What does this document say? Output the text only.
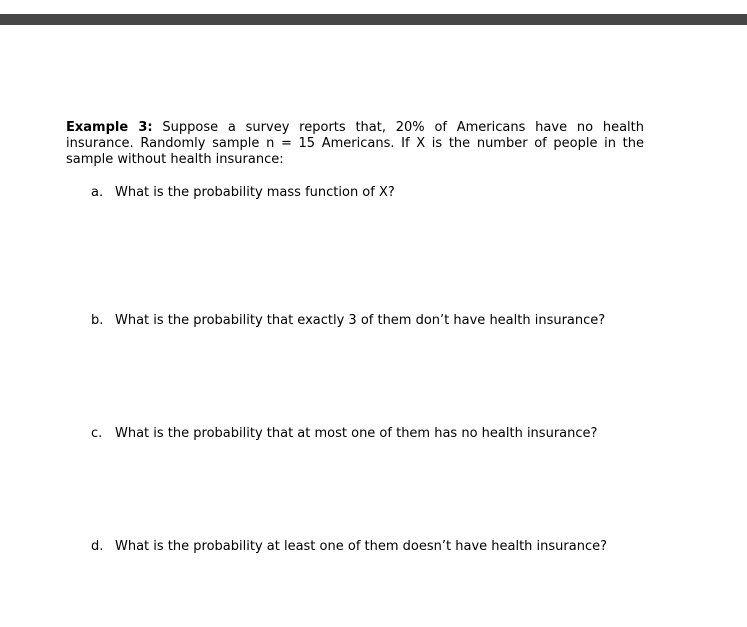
Example 3: Suppose a survey reports that, 20% of Americans have no health
insurance. Randomly sample n = 15 Americans. If X is the number of people in the
sample without health insurance:
a. What is the probability mass function of X?
b. What is the probability that exactly 3 of them don’t have health insurance?
c. What is the probability that at most one of them has no health insurance?
d. What is the probability at least one of them doesn’t have health insurance?
